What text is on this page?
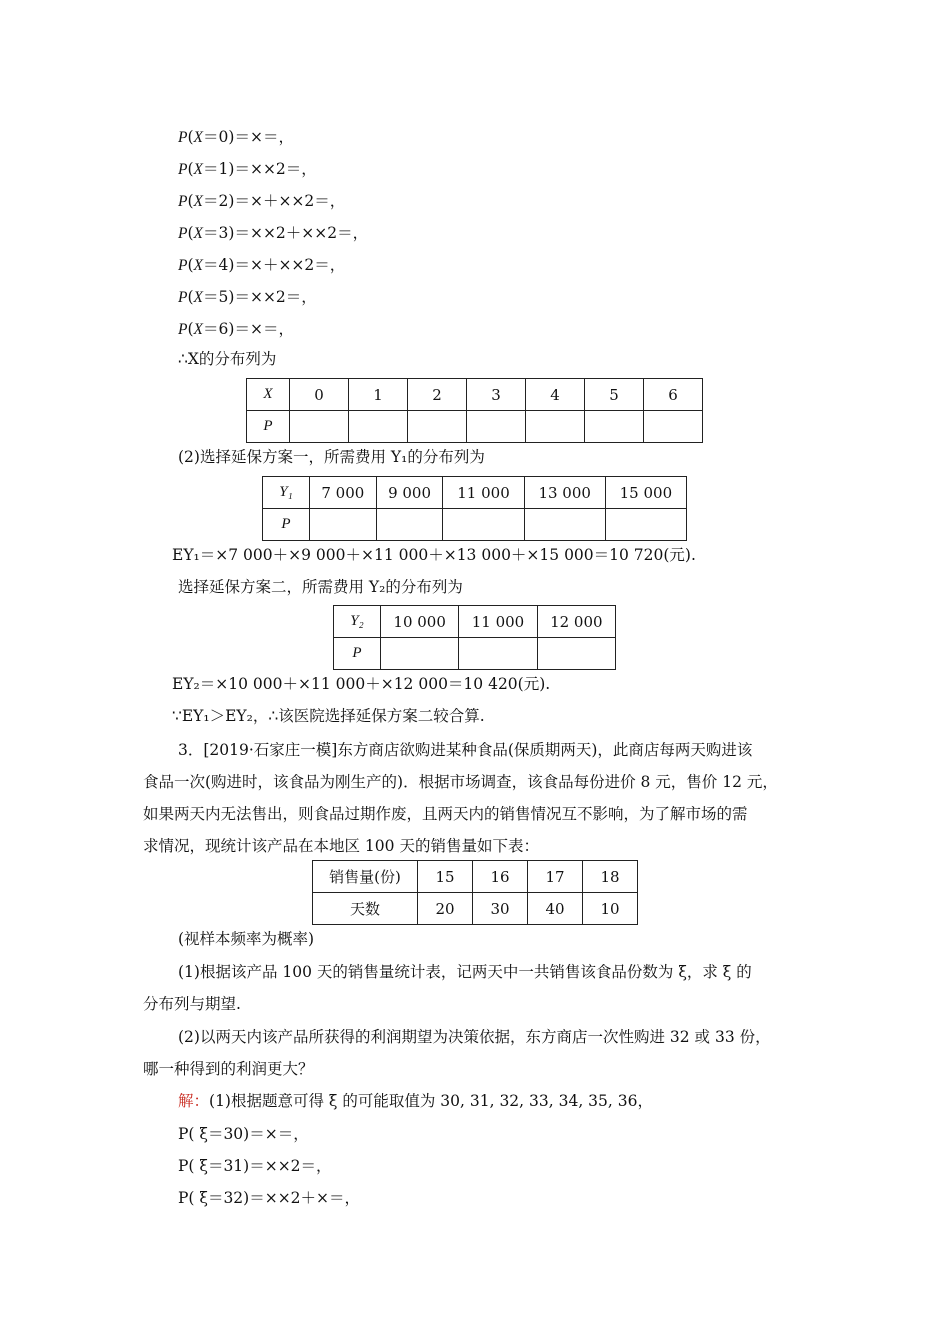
P(X＝0)＝×＝，
P(X＝1)＝××2＝，
P(X＝2)＝×＋××2＝，
P(X＝3)＝××2＋××2＝，
P(X＝4)＝×＋××2＝，
P(X＝5)＝××2＝，
P(X＝6)＝×＝，
∴X的分布列为
X	0	1	2	3	4	5	6
P							
(2)选择延保方案一，所需费用 Y₁的分布列为
Y₁	7 000	9 000	11 000	13 000	15 000
P					
EY₁＝×7 000＋×9 000＋×11 000＋×13 000＋×15 000＝10 720(元).
选择延保方案二，所需费用 Y₂的分布列为
Y₂	10 000	11 000	12 000
P			
EY₂＝×10 000＋×11 000＋×12 000＝10 420(元).
∵EY₁＞EY₂，∴该医院选择延保方案二较合算.
3．[2019·石家庄一模]东方商店欲购进某种食品(保质期两天)，此商店每两天购进该
食品一次(购进时，该食品为刚生产的)．根据市场调查，该食品每份进价 8 元，售价 12 元，
如果两天内无法售出，则食品过期作废，且两天内的销售情况互不影响，为了解市场的需
求情况，现统计该产品在本地区 100 天的销售量如下表：
销售量(份)	15	16	17	18
天数	20	30	40	10
(视样本频率为概率)
(1)根据该产品 100 天的销售量统计表，记两天中一共销售该食品份数为 ξ，求 ξ 的
分布列与期望.
(2)以两天内该产品所获得的利润期望为决策依据，东方商店一次性购进 32 或 33 份，
哪一种得到的利润更大？
解：(1)根据题意可得 ξ 的可能取值为 30, 31, 32, 33, 34, 35, 36，
P( ξ＝30)＝×＝，
P( ξ＝31)＝××2＝，
P( ξ＝32)＝××2＋×＝，
